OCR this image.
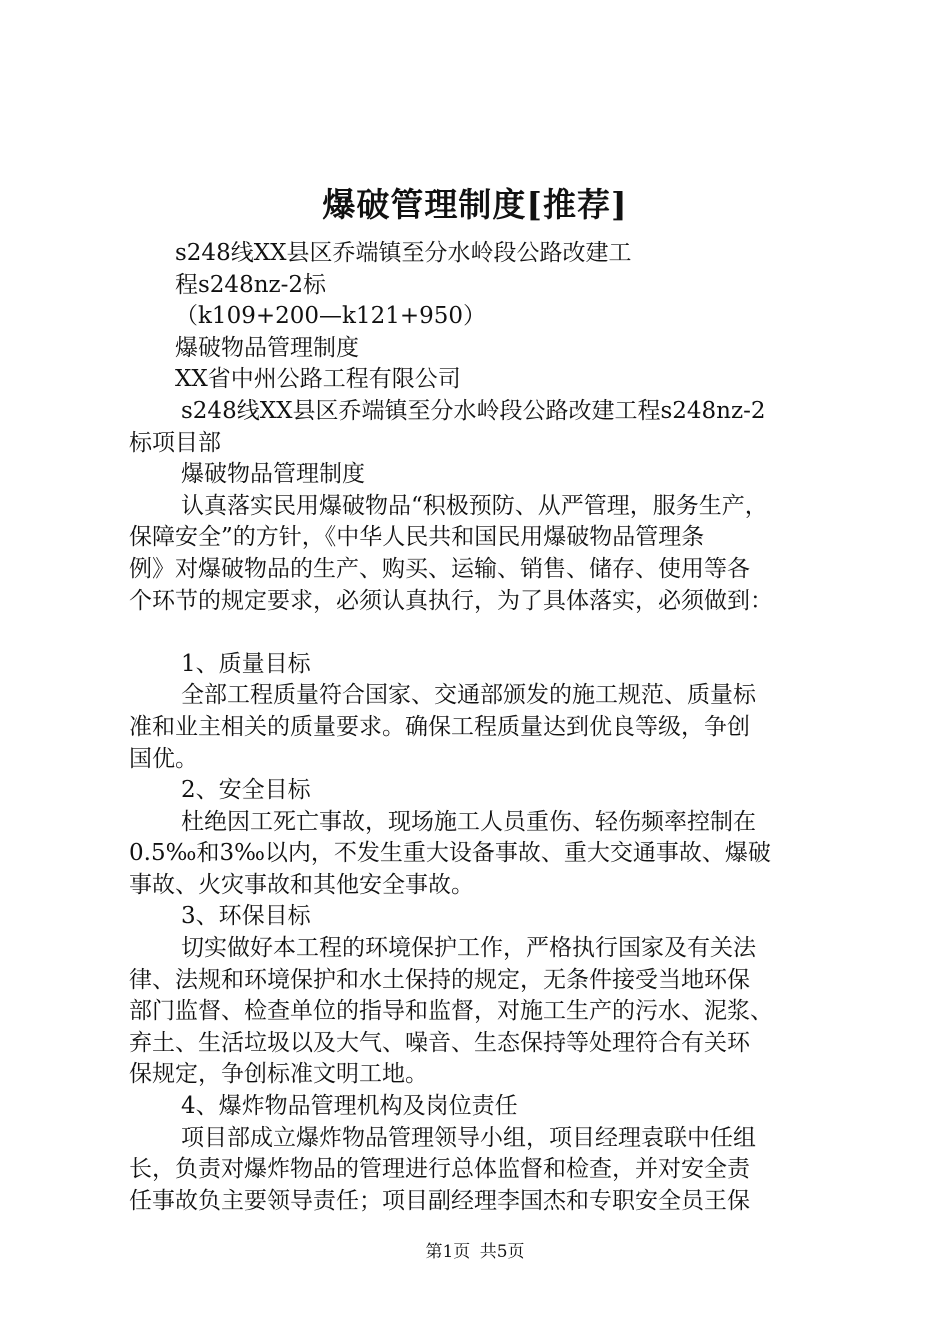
爆破管理制度[推荐]
s248线XX县区乔端镇至分水岭段公路改建工
程s248nz-2标
（k109+200—k121+950）
爆破物品管理制度
XX省中州公路工程有限公司
s248线XX县区乔端镇至分水岭段公路改建工程s248nz-2
标项目部
爆破物品管理制度
认真落实民用爆破物品“积极预防、从严管理，服务生产，
保障安全”的方针，《中华人民共和国民用爆破物品管理条
例》对爆破物品的生产、购买、运输、销售、储存、使用等各
个环节的规定要求，必须认真执行，为了具体落实，必须做到：
1、质量目标
全部工程质量符合国家、交通部颁发的施工规范、质量标
准和业主相关的质量要求。确保工程质量达到优良等级，争创
国优。
2、安全目标
杜绝因工死亡事故，现场施工人员重伤、轻伤频率控制在
0.5‰和3‰以内，不发生重大设备事故、重大交通事故、爆破
事故、火灾事故和其他安全事故。
3、环保目标
切实做好本工程的环境保护工作，严格执行国家及有关法
律、法规和环境保护和水土保持的规定，无条件接受当地环保
部门监督、检查单位的指导和监督，对施工生产的污水、泥浆、
弃土、生活垃圾以及大气、噪音、生态保持等处理符合有关环
保规定，争创标准文明工地。
4、爆炸物品管理机构及岗位责任
项目部成立爆炸物品管理领导小组，项目经理袁联中任组
长，负责对爆炸物品的管理进行总体监督和检查，并对安全责
任事故负主要领导责任；项目副经理李国杰和专职安全员王保
第1页 共5页
